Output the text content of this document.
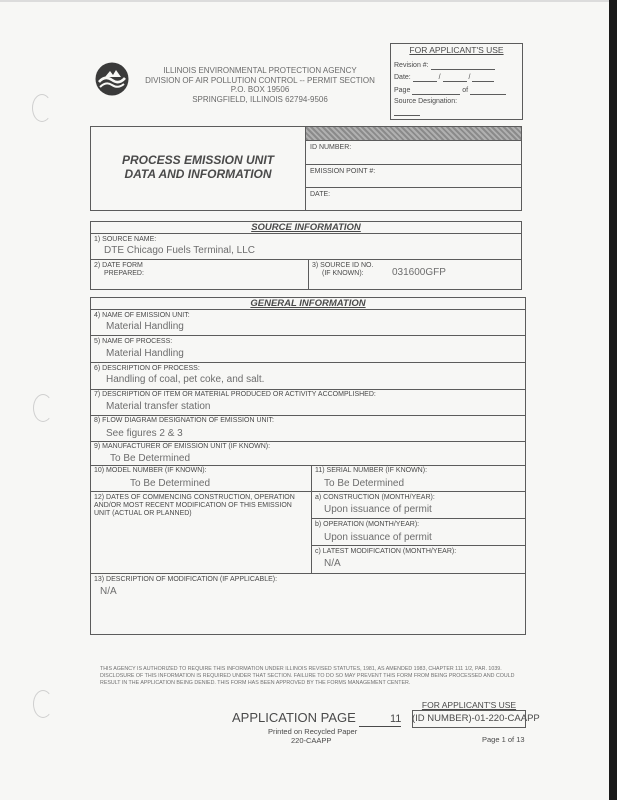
ILLINOIS ENVIRONMENTAL PROTECTION AGENCY
DIVISION OF AIR POLLUTION CONTROL -- PERMIT SECTION
P.O. BOX 19506
SPRINGFIELD, ILLINOIS 62794-9506
FOR APPLICANT'S USE
Revision #:
Date:	/	/
Page	of
Source Designation:
PROCESS EMISSION UNIT
DATA AND INFORMATION
ID NUMBER:
EMISSION POINT #:
DATE:
SOURCE INFORMATION
1) SOURCE NAME:
DTE Chicago Fuels Terminal, LLC
2) DATE FORM
PREPARED:
3) SOURCE ID NO.
(IF KNOWN):	031600GFP
GENERAL INFORMATION
4) NAME OF EMISSION UNIT:
Material Handling
5) NAME OF PROCESS:
Material Handling
6) DESCRIPTION OF PROCESS:
Handling of coal, pet coke, and salt.
7) DESCRIPTION OF ITEM OR MATERIAL PRODUCED OR ACTIVITY ACCOMPLISHED:
Material transfer station
8) FLOW DIAGRAM DESIGNATION OF EMISSION UNIT:
See figures 2 & 3
9) MANUFACTURER OF EMISSION UNIT (IF KNOWN):
To Be Determined
10) MODEL NUMBER (IF KNOWN):
To Be Determined
11) SERIAL NUMBER (IF KNOWN):
To Be Determined
12) DATES OF COMMENCING CONSTRUCTION, OPERATION AND/OR MOST RECENT MODIFICATION OF THIS EMISSION UNIT (ACTUAL OR PLANNED)
a) CONSTRUCTION (MONTH/YEAR):
Upon issuance of permit
b) OPERATION (MONTH/YEAR):
Upon issuance of permit
c) LATEST MODIFICATION (MONTH/YEAR):
N/A
13) DESCRIPTION OF MODIFICATION (IF APPLICABLE):
N/A
THIS AGENCY IS AUTHORIZED TO REQUIRE THIS INFORMATION UNDER ILLINOIS REVISED STATUTES, 1981, AS AMENDED 1983, CHAPTER 111 1/2, PAR. 1039. DISCLOSURE OF THIS INFORMATION IS REQUIRED UNDER THAT SECTION. FAILURE TO DO SO MAY PREVENT THIS FORM FROM BEING PROCESSED AND COULD RESULT IN THE APPLICATION BEING DENIED. THIS FORM HAS BEEN APPROVED BY THE FORMS MANAGEMENT CENTER.
APPLICATION PAGE	11
Printed on Recycled Paper
220-CAAPP
FOR APPLICANT'S USE
(ID NUMBER)-01-220-CAAPP
Page 1 of 13
